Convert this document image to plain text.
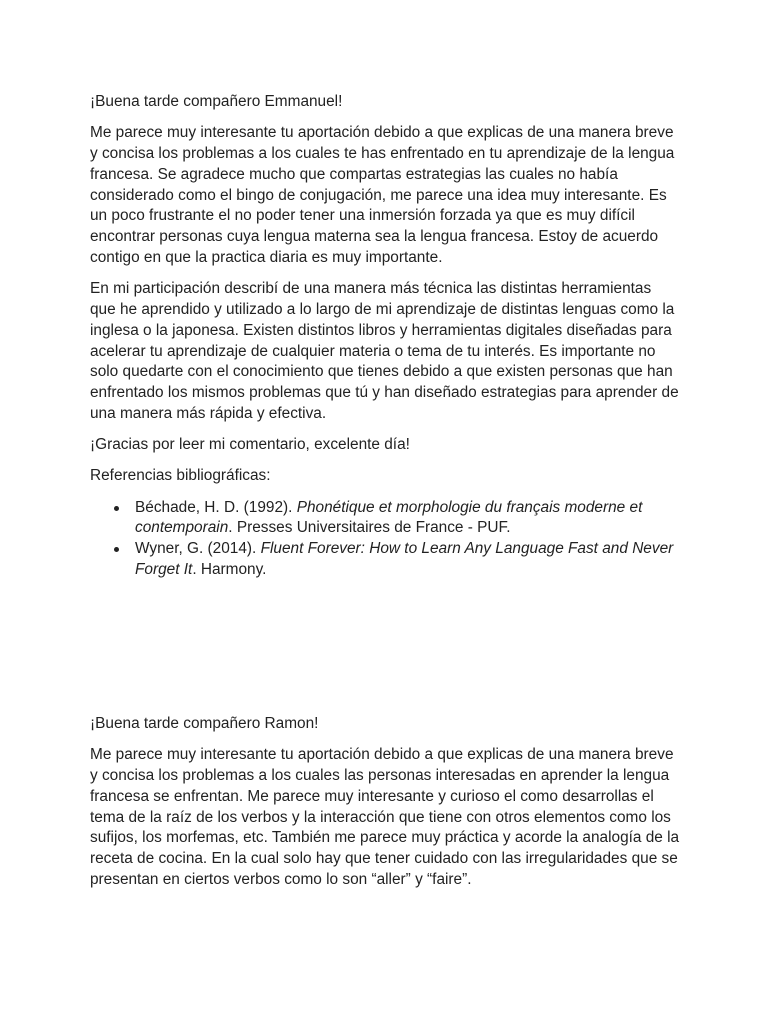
¡Buena tarde compañero Emmanuel!

Me parece muy interesante tu aportación debido a que explicas de una manera breve y concisa los problemas a los cuales te has enfrentado en tu aprendizaje de la lengua francesa. Se agradece mucho que compartas estrategias las cuales no había considerado como el bingo de conjugación, me parece una idea muy interesante. Es un poco frustrante el no poder tener una inmersión forzada ya que es muy difícil encontrar personas cuya lengua materna sea la lengua francesa. Estoy de acuerdo contigo en que la practica diaria es muy importante.

En mi participación describí de una manera más técnica las distintas herramientas que he aprendido y utilizado a lo largo de mi aprendizaje de distintas lenguas como la inglesa o la japonesa. Existen distintos libros y herramientas digitales diseñadas para acelerar tu aprendizaje de cualquier materia o tema de tu interés. Es importante no solo quedarte con el conocimiento que tienes debido a que existen personas que han enfrentado los mismos problemas que tú y han diseñado estrategias para aprender de una manera más rápida y efectiva.

¡Gracias por leer mi comentario, excelente día!

Referencias bibliográficas:

Béchade, H. D. (1992). Phonétique et morphologie du français moderne et contemporain. Presses Universitaires de France - PUF.
Wyner, G. (2014). Fluent Forever: How to Learn Any Language Fast and Never Forget It. Harmony.

¡Buena tarde compañero Ramon!

Me parece muy interesante tu aportación debido a que explicas de una manera breve y concisa los problemas a los cuales las personas interesadas en aprender la lengua francesa se enfrentan. Me parece muy interesante y curioso el como desarrollas el tema de la raíz de los verbos y la interacción que tiene con otros elementos como los sufijos, los morfemas, etc. También me parece muy práctica y acorde la analogía de la receta de cocina. En la cual solo hay que tener cuidado con las irregularidades que se presentan en ciertos verbos como lo son “aller” y “faire”.
